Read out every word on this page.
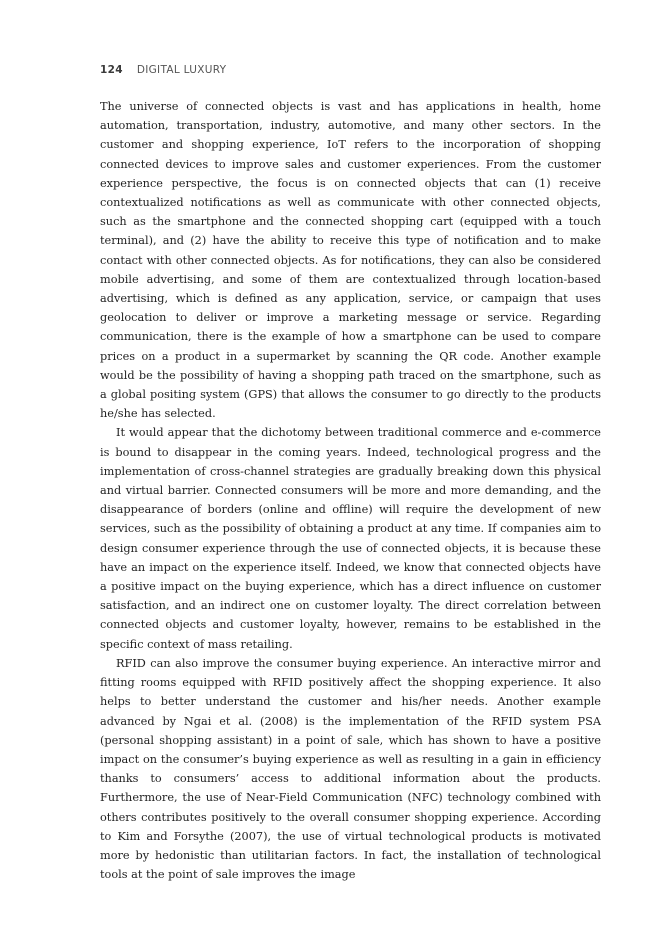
124 DIGITAL LUXURY

The universe of connected objects is vast and has applications in health, home automation, transportation, industry, automotive, and many other sectors. In the customer and shopping experience, IoT refers to the incorporation of shopping connected devices to improve sales and customer experiences. From the customer experience perspective, the focus is on connected objects that can (1) receive contextualized notifications as well as communicate with other connected objects, such as the smartphone and the connected shopping cart (equipped with a touch terminal), and (2) have the ability to receive this type of notification and to make contact with other connected objects. As for notifications, they can also be considered mobile advertising, and some of them are contextualized through location-based advertising, which is defined as any application, service, or campaign that uses geolocation to deliver or improve a marketing message or service. Regarding communication, there is the example of how a smartphone can be used to compare prices on a product in a supermarket by scanning the QR code. Another example would be the possibility of having a shopping path traced on the smartphone, such as a global positing system (GPS) that allows the consumer to go directly to the products he/she has selected.

It would appear that the dichotomy between traditional commerce and e-commerce is bound to disappear in the coming years. Indeed, technological progress and the implementation of cross-channel strategies are gradually breaking down this physical and virtual barrier. Connected consumers will be more and more demanding, and the disappearance of borders (online and offline) will require the development of new services, such as the possibility of obtaining a product at any time. If companies aim to design consumer experience through the use of connected objects, it is because these have an impact on the experience itself. Indeed, we know that connected objects have a positive impact on the buying experience, which has a direct influence on customer satisfaction, and an indirect one on customer loyalty. The direct correlation between connected objects and customer loyalty, however, remains to be established in the specific context of mass retailing.

RFID can also improve the consumer buying experience. An interactive mirror and fitting rooms equipped with RFID positively affect the shopping experience. It also helps to better understand the customer and his/her needs. Another example advanced by Ngai et al. (2008) is the implementation of the RFID system PSA (personal shopping assistant) in a point of sale, which has shown to have a positive impact on the consumer’s buying experience as well as resulting in a gain in efficiency thanks to consumers’ access to additional information about the products. Furthermore, the use of Near-Field Communication (NFC) technology combined with others contributes positively to the overall consumer shopping experience. According to Kim and Forsythe (2007), the use of virtual technological products is motivated more by hedonistic than utilitarian factors. In fact, the installation of technological tools at the point of sale improves the image
